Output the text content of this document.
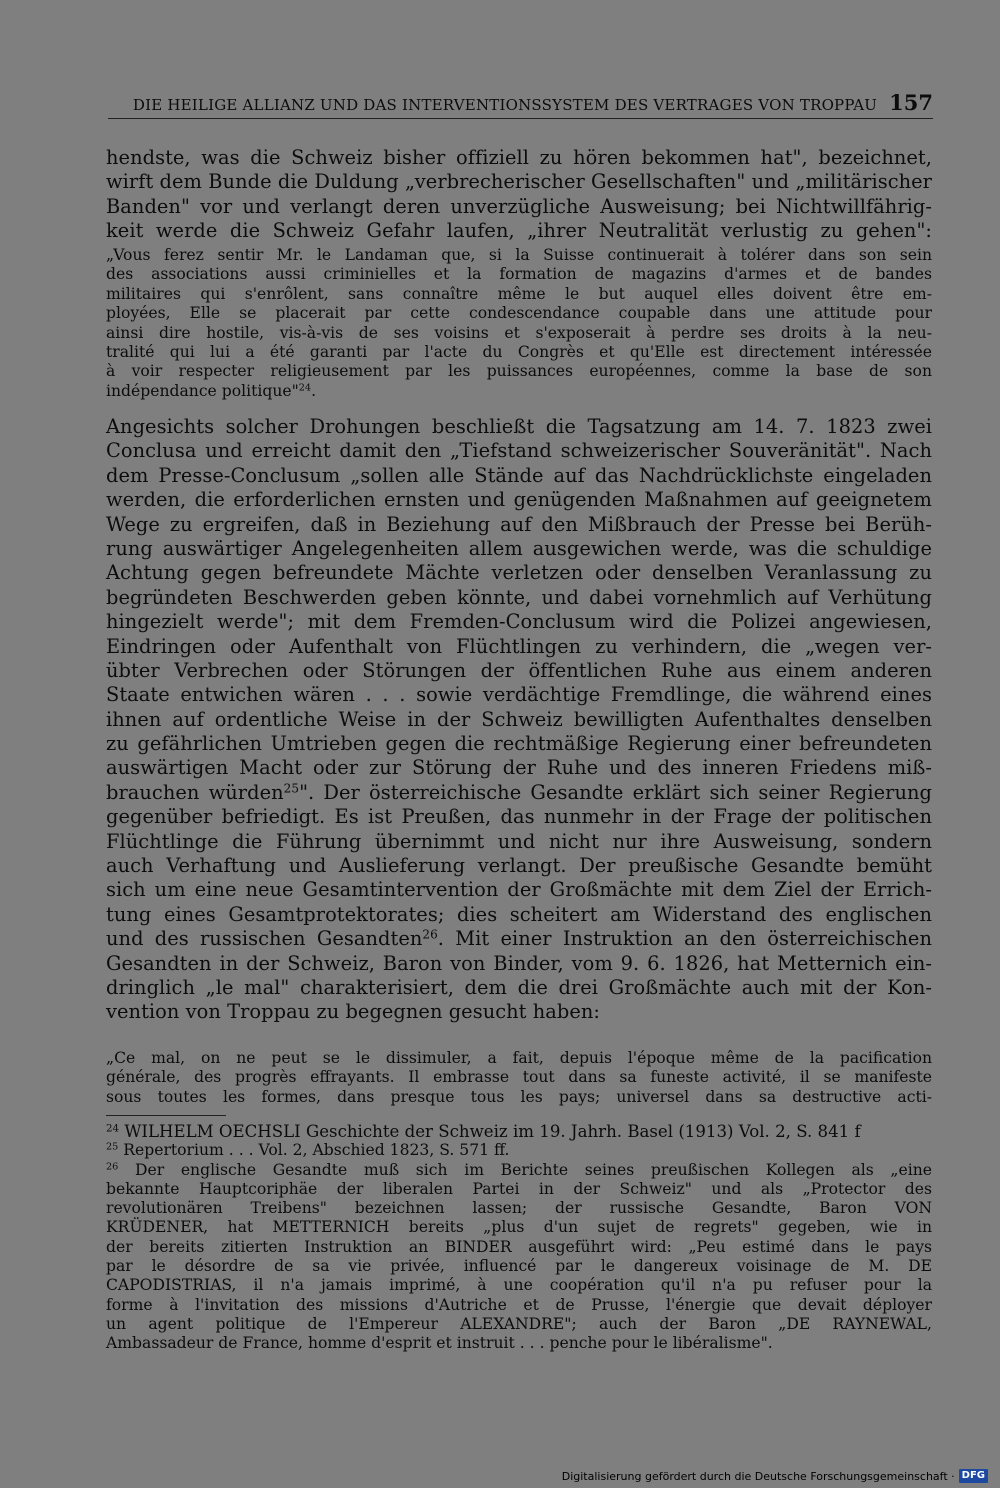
DIE HEILIGE ALLIANZ UND DAS INTERVENTIONSSYSTEM DES VERTRAGES VON TROPPAU 157
hendste, was die Schweiz bisher offiziell zu hören bekommen hat", bezeichnet,
wirft dem Bunde die Duldung „verbrecherischer Gesellschaften" und „militärischer
Banden" vor und verlangt deren unverzügliche Ausweisung; bei Nichtwillfährig-
keit werde die Schweiz Gefahr laufen, „ihrer Neutralität verlustig zu gehen":
„Vous ferez sentir Mr. le Landaman que, si la Suisse continuerait à tolérer dans son sein
des associations aussi criminielles et la formation de magazins d'armes et de bandes
militaires qui s'enrôlent, sans connaître même le but auquel elles doivent être em-
ployées, Elle se placerait par cette condescendance coupable dans une attitude pour
ainsi dire hostile, vis-à-vis de ses voisins et s'exposerait à perdre ses droits à la neu-
tralité qui lui a été garanti par l'acte du Congrès et qu'Elle est directement intéressée
à voir respecter religieusement par les puissances européennes, comme la base de son
indépendance politique"$^{24}$.
Angesichts solcher Drohungen beschließt die Tagsatzung am 14. 7. 1823 zwei
Conclusa und erreicht damit den „Tiefstand schweizerischer Souveränität". Nach
dem Presse-Conclusum „sollen alle Stände auf das Nachdrücklichste eingeladen
werden, die erforderlichen ernsten und genügenden Maßnahmen auf geeignetem
Wege zu ergreifen, daß in Beziehung auf den Mißbrauch der Presse bei Berüh-
rung auswärtiger Angelegenheiten allem ausgewichen werde, was die schuldige
Achtung gegen befreundete Mächte verletzen oder denselben Veranlassung zu
begründeten Beschwerden geben könnte, und dabei vornehmlich auf Verhütung
hingezielt werde"; mit dem Fremden-Conclusum wird die Polizei angewiesen,
Eindringen oder Aufenthalt von Flüchtlingen zu verhindern, die „wegen ver-
übter Verbrechen oder Störungen der öffentlichen Ruhe aus einem anderen
Staate entwichen wären . . . sowie verdächtige Fremdlinge, die während eines
ihnen auf ordentliche Weise in der Schweiz bewilligten Aufenthaltes denselben
zu gefährlichen Umtrieben gegen die rechtmäßige Regierung einer befreundeten
auswärtigen Macht oder zur Störung der Ruhe und des inneren Friedens miß-
brauchen würden$^{25}$". Der österreichische Gesandte erklärt sich seiner Regierung
gegenüber befriedigt. Es ist Preußen, das nunmehr in der Frage der politischen
Flüchtlinge die Führung übernimmt und nicht nur ihre Ausweisung, sondern
auch Verhaftung und Auslieferung verlangt. Der preußische Gesandte bemüht
sich um eine neue Gesamtintervention der Großmächte mit dem Ziel der Errich-
tung eines Gesamtprotektorates; dies scheitert am Widerstand des englischen
und des russischen Gesandten$^{26}$. Mit einer Instruktion an den österreichischen
Gesandten in der Schweiz, Baron von Binder, vom 9. 6. 1826, hat Metternich ein-
dringlich „le mal" charakterisiert, dem die drei Großmächte auch mit der Kon-
vention von Troppau zu begegnen gesucht haben:
„Ce mal, on ne peut se le dissimuler, a fait, depuis l'époque même de la pacification
générale, des progrès effrayants. Il embrasse tout dans sa funeste activité, il se manifeste
sous toutes les formes, dans presque tous les pays; universel dans sa destructive acti-
$^{24}$ WILHELM OECHSLI Geschichte der Schweiz im 19. Jahrh. Basel (1913) Vol. 2, S. 841 f
$^{25}$ Repertorium . . . Vol. 2, Abschied 1823, S. 571 ff.
$^{26}$ Der englische Gesandte muß sich im Berichte seines preußischen Kollegen als „eine
bekannte Hauptcoriphäe der liberalen Partei in der Schweiz" und als „Protector des
revolutionären Treibens" bezeichnen lassen; der russische Gesandte, Baron VON
KRÜDENER, hat METTERNICH bereits „plus d'un sujet de regrets" gegeben, wie in
der bereits zitierten Instruktion an BINDER ausgeführt wird: „Peu estimé dans le pays
par le désordre de sa vie privée, influencé par le dangereux voisinage de M. DE
CAPODISTRIAS, il n'a jamais imprimé, à une coopération qu'il n'a pu refuser pour la
forme à l'invitation des missions d'Autriche et de Prusse, l'énergie que devait déployer
un agent politique de l'Empereur ALEXANDRE"; auch der Baron „DE RAYNEWAL,
Ambassadeur de France, homme d'esprit et instruit . . . penche pour le libéralisme".
Digitalisierung gefördert durch die Deutsche Forschungsgemeinschaft · DFG
